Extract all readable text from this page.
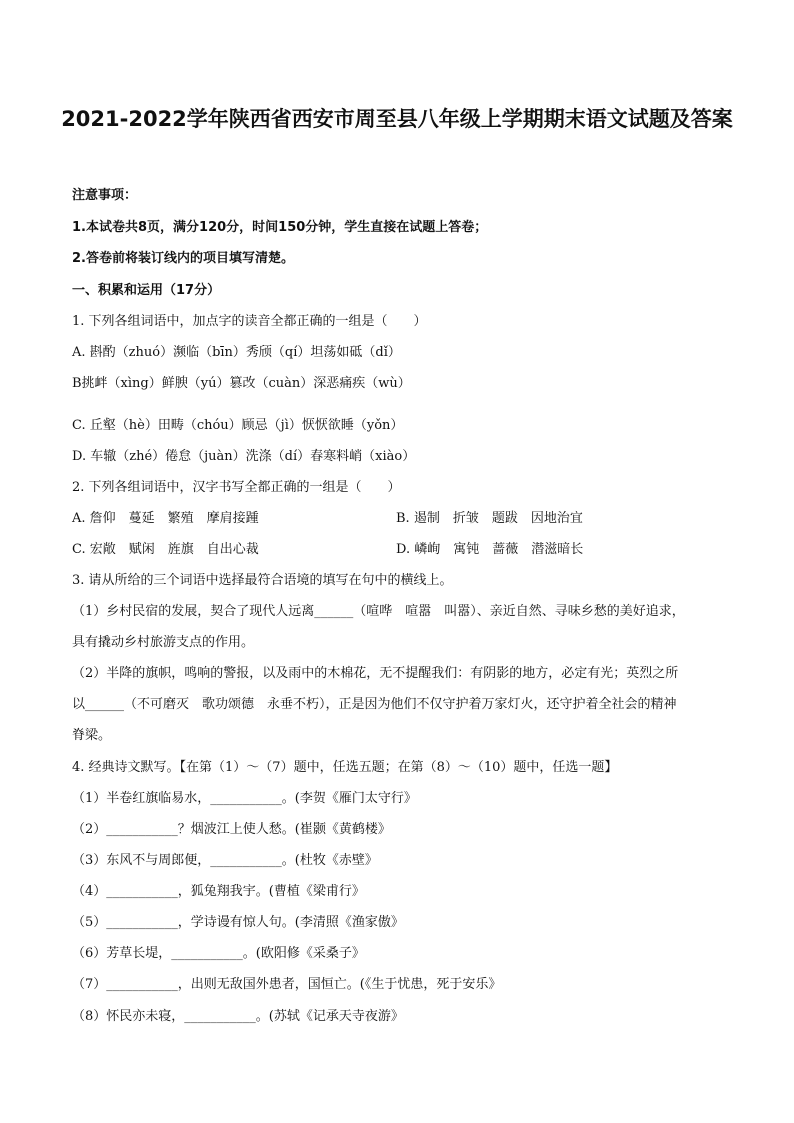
2021-2022学年陕西省西安市周至县八年级上学期期末语文试题及答案
注意事项：
1.本试卷共8页，满分120分，时间150分钟，学生直接在试题上答卷；
2.答卷前将装订线内的项目填写清楚。
一、积累和运用（17分）
1. 下列各组词语中，加点字的读音全都正确的一组是（　　）
A. 斟酌（zhuó）濒临（bīn）秀颀（qí）坦荡如砥（dǐ）
B挑衅（xìng）鲜腴（yú）篡改（cuàn）深恶痛疾（wù）
C. 丘壑（hè）田畴（chóu）顾忌（jì）恹恹欲睡（yǒn）
D. 车辙（zhé）倦怠（juàn）洗涤（dí）春寒料峭（xiào）
2. 下列各组词语中，汉字书写全都正确的一组是（　　）
A. 詹仰　蔓延　繁殖　摩肩接踵	B. 遏制　折皱　题跋　因地治宜
C. 宏敞　赋闲　旌旗　自出心裁	D. 嶙峋　寓钝　蔷薇　潜滋暗长
3. 请从所给的三个词语中选择最符合语境的填写在句中的横线上。
（1）乡村民宿的发展，契合了现代人远离______（喧哗　喧嚣　叫嚣）、亲近自然、寻味乡愁的美好追求，
具有撬动乡村旅游支点的作用。
（2）半降的旗帜，鸣响的警报，以及雨中的木棉花，无不提醒我们：有阴影的地方，必定有光；英烈之所
以______（不可磨灭　歌功颂德　永垂不朽），正是因为他们不仅守护着万家灯火，还守护着全社会的精神
脊梁。
4. 经典诗文默写。【在第（1）～（7）题中，任选五题；在第（8）～（10）题中，任选一题】
（1）半卷红旗临易水，___________。(李贺《雁门太守行》
（2）___________？烟波江上使人愁。(崔颢《黄鹤楼》
（3）东风不与周郎便，___________。(杜牧《赤壁》
（4）___________，狐兔翔我宇。(曹植《梁甫行》
（5）___________，学诗谩有惊人句。(李清照《渔家傲》
（6）芳草长堤，___________。(欧阳修《采桑子》
（7）___________，出则无敌国外患者，国恒亡。(《生于忧患，死于安乐》
（8）怀民亦未寝，___________。(苏轼《记承天寺夜游》
